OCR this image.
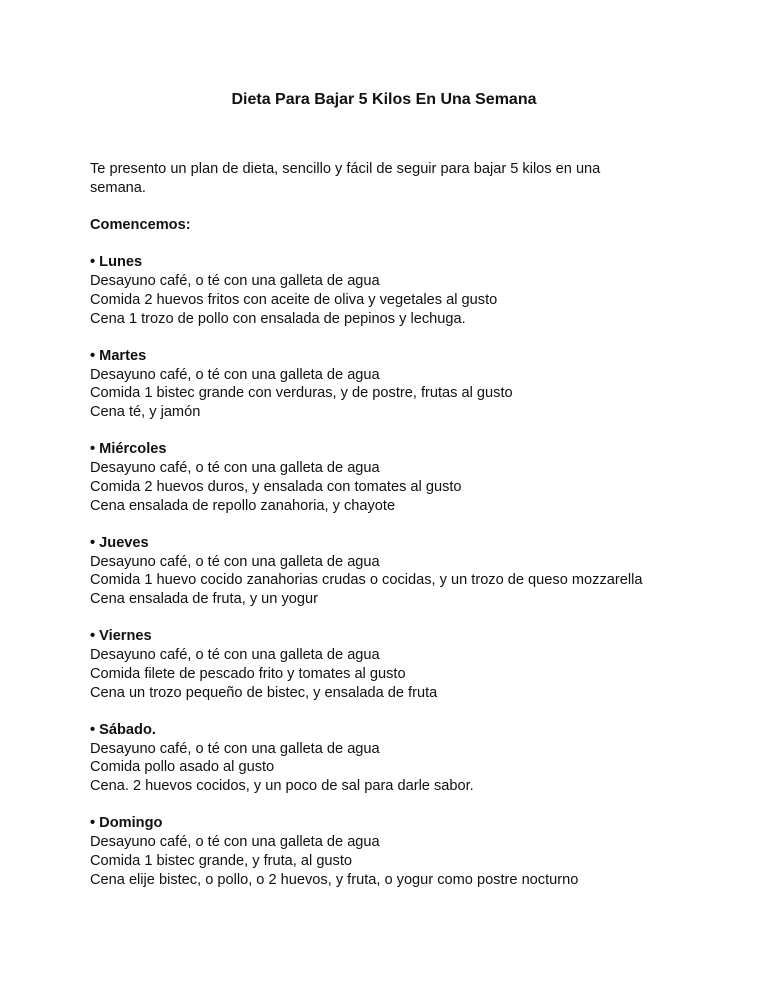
Dieta Para Bajar 5 Kilos En Una Semana

Te presento un plan de dieta, sencillo y fácil de seguir para bajar 5 kilos en una
semana.

Comencemos:

• Lunes
Desayuno café, o té con una galleta de agua
Comida 2 huevos fritos con aceite de oliva y vegetales al gusto
Cena 1 trozo de pollo con ensalada de pepinos y lechuga.
• Martes
Desayuno café, o té con una galleta de agua
Comida 1 bistec grande con verduras, y de postre, frutas al gusto
Cena té, y jamón
• Miércoles
Desayuno café, o té con una galleta de agua
Comida 2 huevos duros, y ensalada con tomates al gusto
Cena ensalada de repollo zanahoria, y chayote
• Jueves
Desayuno café, o té con una galleta de agua
Comida 1 huevo cocido zanahorias crudas o cocidas, y un trozo de queso mozzarella
Cena ensalada de fruta, y un yogur
• Viernes
Desayuno café, o té con una galleta de agua
Comida filete de pescado frito y tomates al gusto
Cena un trozo pequeño de bistec, y ensalada de fruta
• Sábado.
Desayuno café, o té con una galleta de agua
Comida pollo asado al gusto
Cena. 2 huevos cocidos, y un poco de sal para darle sabor.
• Domingo
Desayuno café, o té con una galleta de agua
Comida 1 bistec grande, y fruta, al gusto
Cena elije bistec, o pollo, o 2 huevos, y fruta, o yogur como postre nocturno
